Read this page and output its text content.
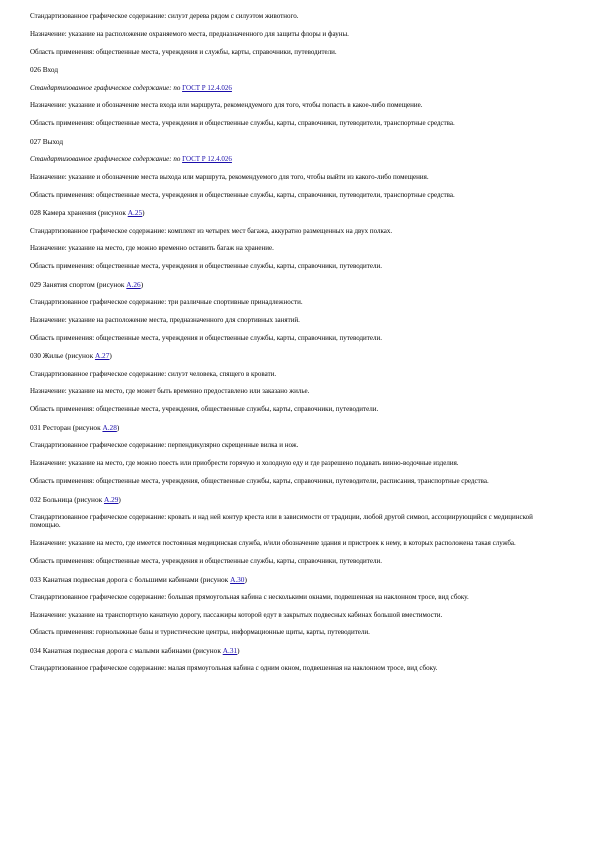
Стандартизованное графическое содержание: силуэт дерева рядом с силуэтом животного.

Назначение: указание на расположение охраняемого места, предназначенного для защиты флоры и фауны.

Область применения: общественные места, учреждения и службы, карты, справочники, путеводители.

026 Вход

Стандартизованное графическое содержание: по ГОСТ Р 12.4.026

Назначение: указание и обозначение места входа или маршрута, рекомендуемого для того, чтобы попасть в какое-либо помещение.

Область применения: общественные места, учреждения и общественные службы, карты, справочники, путеводители, транспортные средства.

027 Выход

Стандартизованное графическое содержание: по ГОСТ Р 12.4.026

Назначение: указание и обозначение места выхода или маршрута, рекомендуемого для того, чтобы выйти из какого-либо помещения.

Область применения: общественные места, учреждения и общественные службы, карты, справочники, путеводители, транспортные средства.

028 Камера хранения (рисунок А.25)

Стандартизованное графическое содержание: комплект из четырех мест багажа, аккуратно размещенных на двух полках.

Назначение: указание на место, где можно временно оставить багаж на хранение.

Область применения: общественные места, учреждения и общественные службы, карты, справочники, путеводители.

029 Занятия спортом (рисунок А.26)

Стандартизованное графическое содержание: три различные спортивные принадлежности.

Назначение: указание на расположение места, предназначенного для спортивных занятий.

Область применения: общественные места, учреждения и общественные службы, карты, справочники, путеводители.

030 Жилье (рисунок А.27)

Стандартизованное графическое содержание: силуэт человека, спящего в кровати.

Назначение: указание на место, где может быть временно предоставлено или заказано жилье.

Область применения: общественные места, учреждения, общественные службы, карты, справочники, путеводители.

031 Ресторан (рисунок А.28)

Стандартизованное графическое содержание: перпендикулярно скрещенные вилка и нож.

Назначение: указание на место, где можно поесть или приобрести горячую и холодную еду и где разрешено подавать винно-водочные изделия.

Область применения: общественные места, учреждения, общественные службы, карты, справочники, путеводители, расписания, транспортные средства.

032 Больница (рисунок А.29)

Стандартизованное графическое содержание: кровать и над ней контур креста или в зависимости от традиции, любой другой символ, ассоциирующийся с медицинской помощью.

Назначение: указание на место, где имеется постоянная медицинская служба, и/или обозначение здания и пристроек к нему, в которых расположена такая служба.

Область применения: общественные места, учреждения и общественные службы, карты, справочники, путеводители.

033 Канатная подвесная дорога с большими кабинами (рисунок А.30)

Стандартизованное графическое содержание: большая прямоугольная кабина с несколькими окнами, подвешенная на наклонном тросе, вид сбоку.

Назначение: указание на транспортную канатную дорогу, пассажиры которой едут в закрытых подвесных кабинах большой вместимости.

Область применения: горнолыжные базы и туристические центры, информационные щиты, карты, путеводители.

034 Канатная подвесная дорога с малыми кабинами (рисунок А.31)

Стандартизованное графическое содержание: малая прямоугольная кабина с одним окном, подвешенная на наклонном тросе, вид сбоку.
